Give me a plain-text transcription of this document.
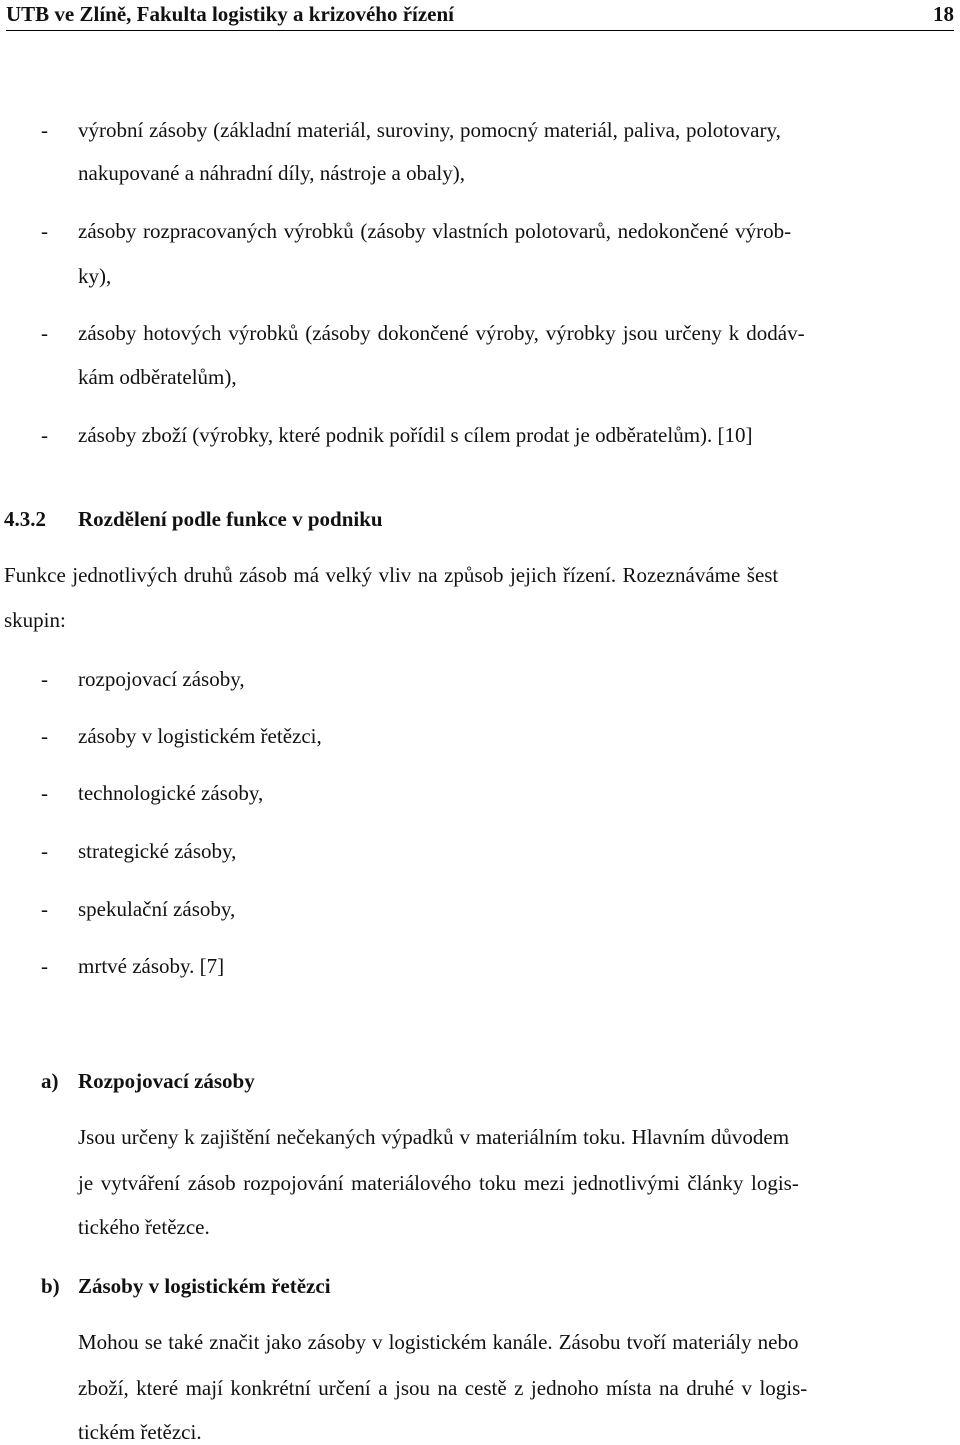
UTB ve Zlíně, Fakulta logistiky a krizového řízení	18
- výrobní zásoby (základní materiál, suroviny, pomocný materiál, paliva, polotovary,
nakupované a náhradní díly, nástroje a obaly),
- zásoby rozpracovaných výrobků (zásoby vlastních polotovarů, nedokončené výrob-
ky),
- zásoby hotových výrobků (zásoby dokončené výroby, výrobky jsou určeny k dodáv-
kám odběratelům),
- zásoby zboží (výrobky, které podnik pořídil s cílem prodat je odběratelům). [10]
4.3.2 Rozdělení podle funkce v podniku
Funkce jednotlivých druhů zásob má velký vliv na způsob jejich řízení. Rozeznáváme šest
skupin:
- rozpojovací zásoby,
- zásoby v logistickém řetězci,
- technologické zásoby,
- strategické zásoby,
- spekulační zásoby,
- mrtvé zásoby. [7]
a) Rozpojovací zásoby
Jsou určeny k zajištění nečekaných výpadků v materiálním toku. Hlavním důvodem
je vytváření zásob rozpojování materiálového toku mezi jednotlivými články logis-
tického řetězce.
b) Zásoby v logistickém řetězci
Mohou se také značit jako zásoby v logistickém kanále. Zásobu tvoří materiály nebo
zboží, které mají konkrétní určení a jsou na cestě z jednoho místa na druhé v logis-
tickém řetězci.
